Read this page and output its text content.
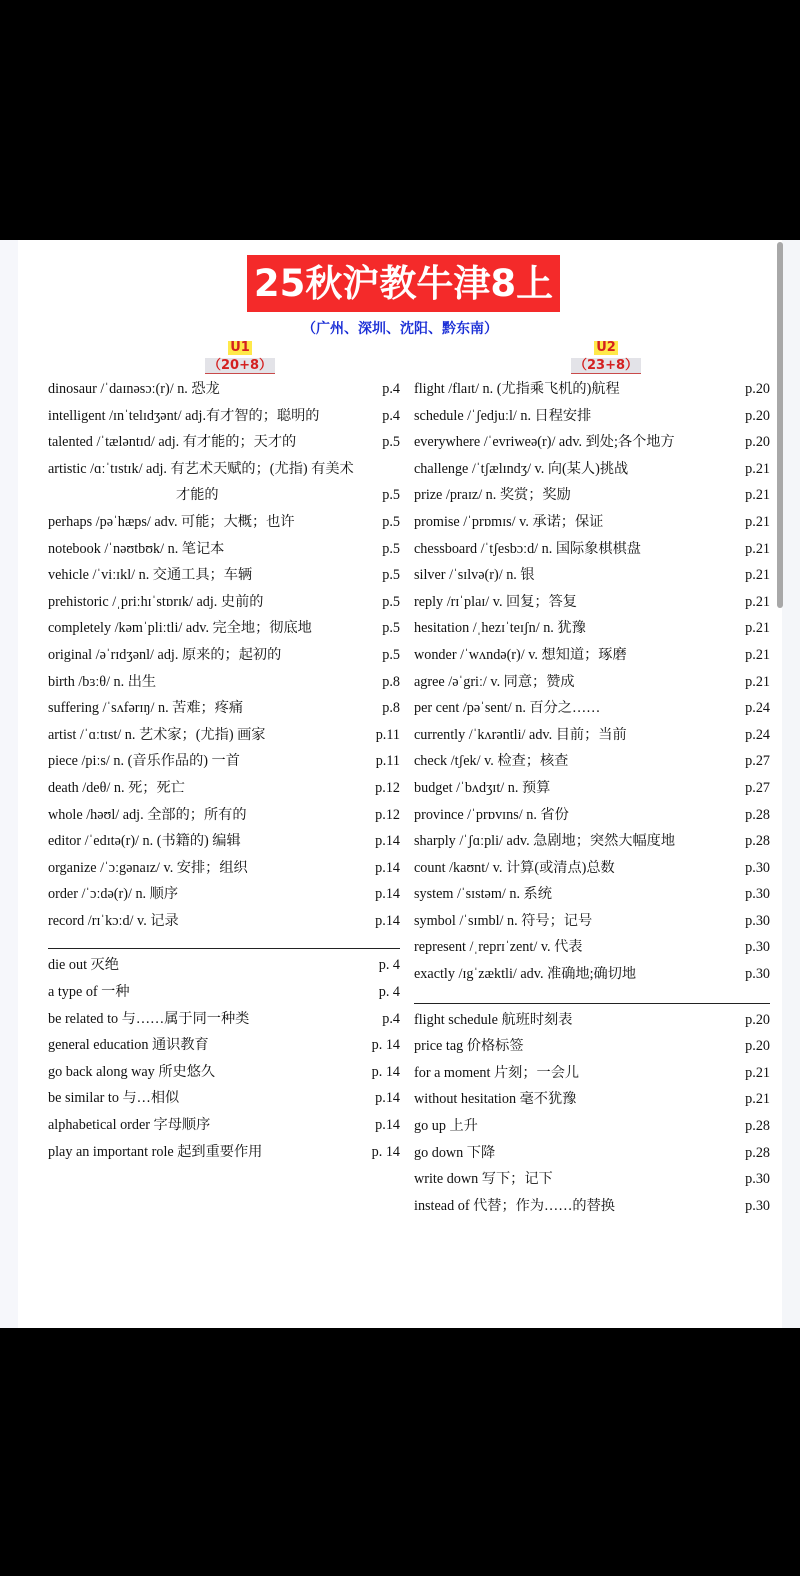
25秋沪教牛津8上
（广州、深圳、沈阳、黔东南）
U1
（20+8）
U2
（23+8）
dinosaur /ˈdaɪnəsɔː(r)/ n. 恐龙	p.4
intelligent /ɪnˈtelɪdʒənt/ adj.有才智的；聪明的	p.4
talented /ˈtæləntɪd/ adj. 有才能的；天才的	p.5
artistic /ɑːˈtɪstɪk/ adj. 有艺术天赋的；(尤指) 有美术
才能的	p.5
perhaps /pəˈhæps/ adv. 可能；大概；也许	p.5
notebook /ˈnəʊtbʊk/ n. 笔记本	p.5
vehicle /ˈviːɪkl/ n. 交通工具；车辆	p.5
prehistoric /ˌpriːhɪˈstɒrɪk/ adj. 史前的	p.5
completely /kəmˈpliːtli/ adv. 完全地；彻底地	p.5
original /əˈrɪdʒənl/ adj. 原来的；起初的	p.5
birth /bɜːθ/ n. 出生	p.8
suffering /ˈsʌfərɪŋ/ n. 苦难；疼痛	p.8
artist /ˈɑːtɪst/ n. 艺术家；(尤指) 画家	p.11
piece /piːs/ n. (音乐作品的) 一首	p.11
death /deθ/ n. 死；死亡	p.12
whole /həʊl/ adj. 全部的；所有的	p.12
editor /ˈedɪtə(r)/ n. (书籍的) 编辑	p.14
organize /ˈɔːgənaɪz/ v. 安排；组织	p.14
order /ˈɔːdə(r)/ n. 顺序	p.14
record /rɪˈkɔːd/ v. 记录	p.14
die out 灭绝	p. 4
a type of 一种	p. 4
be related to 与……属于同一种类	p.4
general education 通识教育	p. 14
go back along way 所史悠久	p. 14
be similar to 与…相似	p.14
alphabetical order 字母顺序	p.14
play an important role 起到重要作用	p. 14
flight /flaɪt/ n. (尤指乘飞机的)航程	p.20
schedule /ˈʃedjuːl/ n. 日程安排	p.20
everywhere /ˈevriweə(r)/ adv. 到处;各个地方	p.20
challenge /ˈtʃælɪndʒ/ v. 向(某人)挑战	p.21
prize /praɪz/ n. 奖赏；奖励	p.21
promise /ˈprɒmɪs/ v. 承诺；保证	p.21
chessboard /ˈtʃesbɔːd/ n. 国际象棋棋盘	p.21
silver /ˈsɪlvə(r)/ n. 银	p.21
reply /rɪˈplaɪ/ v. 回复；答复	p.21
hesitation /ˌhezɪˈteɪʃn/ n. 犹豫	p.21
wonder /ˈwʌndə(r)/ v. 想知道；琢磨	p.21
agree /əˈgriː/ v. 同意；赞成	p.21
per cent /pəˈsent/ n. 百分之……	p.24
currently /ˈkʌrəntli/ adv. 目前；当前	p.24
check /tʃek/ v. 检查；核查	p.27
budget /ˈbʌdʒɪt/ n. 预算	p.27
province /ˈprɒvɪns/ n. 省份	p.28
sharply /ˈʃɑːpli/ adv. 急剧地；突然大幅度地	p.28
count /kaʊnt/ v. 计算(或清点)总数	p.30
system /ˈsɪstəm/ n. 系统	p.30
symbol /ˈsɪmbl/ n. 符号；记号	p.30
represent /ˌreprɪˈzent/ v. 代表	p.30
exactly /ɪgˈzæktli/ adv. 准确地;确切地	p.30
flight schedule 航班时刻表	p.20
price tag 价格标签	p.20
for a moment 片刻；一会儿	p.21
without hesitation 毫不犹豫	p.21
go up 上升	p.28
go down 下降	p.28
write down 写下；记下	p.30
instead of 代替；作为……的替换	p.30
